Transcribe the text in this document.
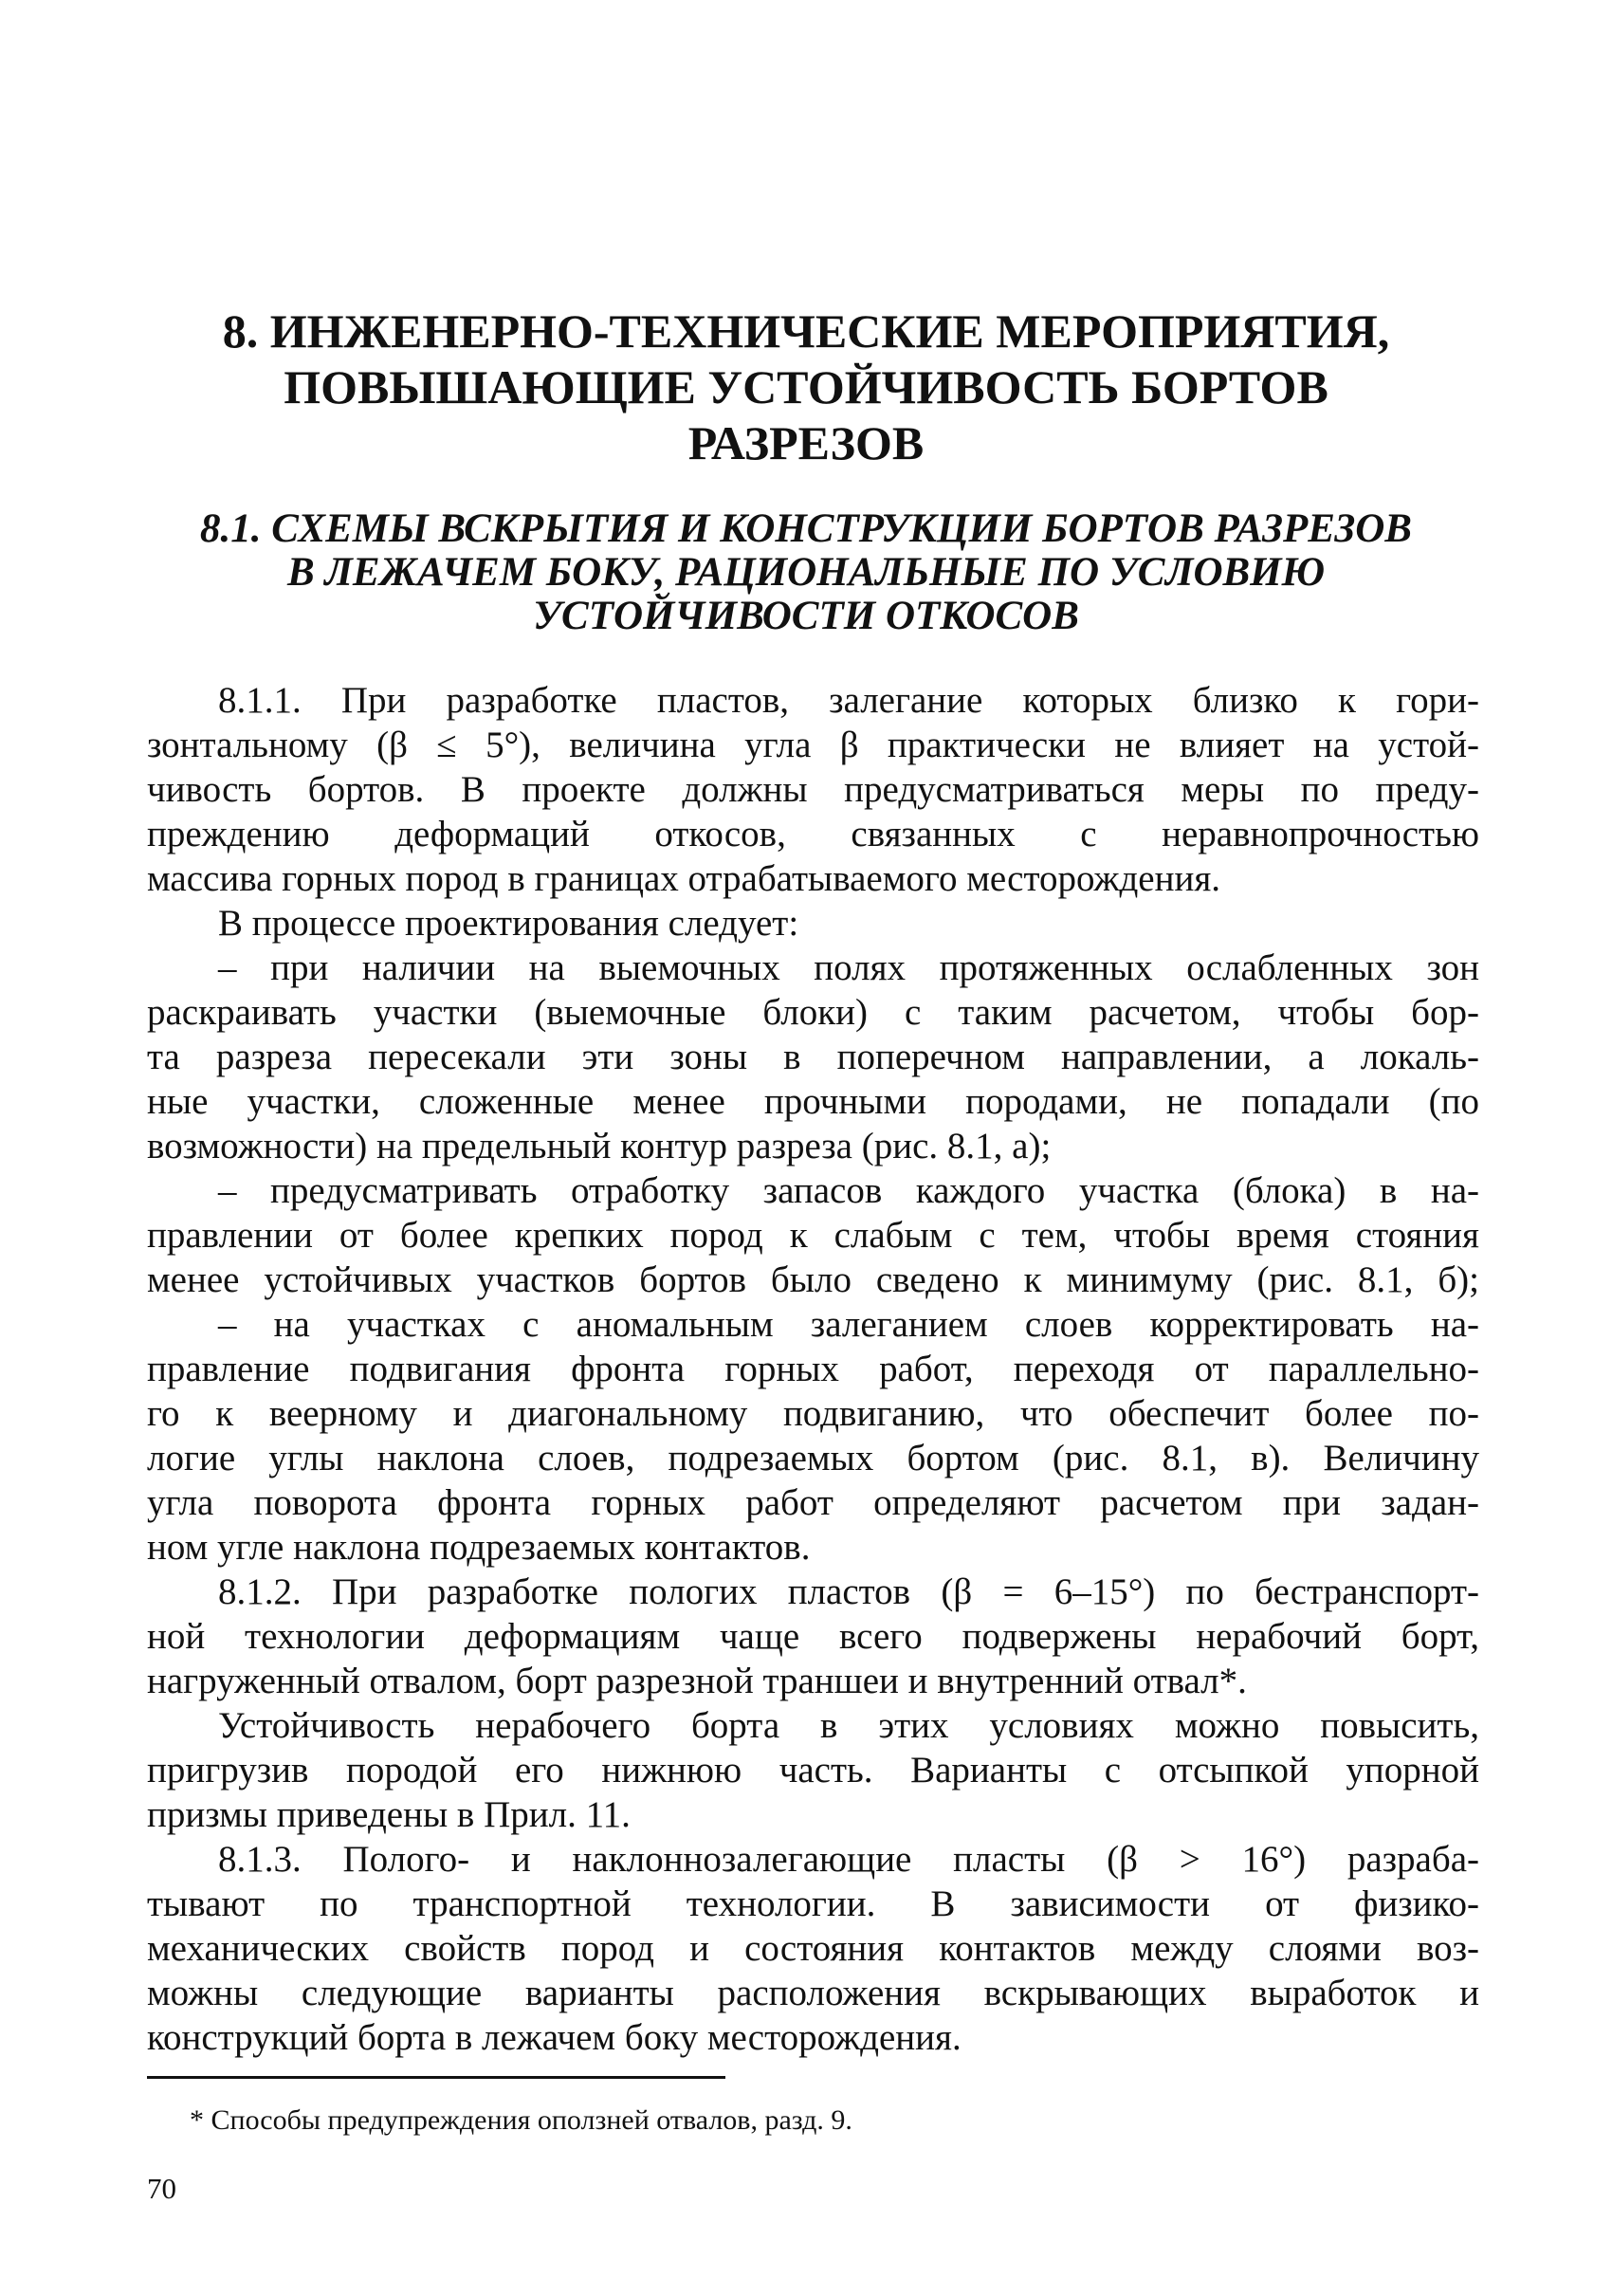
8. ИНЖЕНЕРНО-ТЕХНИЧЕСКИЕ МЕРОПРИЯТИЯ,
ПОВЫШАЮЩИЕ УСТОЙЧИВОСТЬ БОРТОВ
РАЗРЕЗОВ
8.1. СХЕМЫ ВСКРЫТИЯ И КОНСТРУКЦИИ БОРТОВ РАЗРЕЗОВ
В ЛЕЖАЧЕМ БОКУ, РАЦИОНАЛЬНЫЕ ПО УСЛОВИЮ
УСТОЙЧИВОСТИ ОТКОСОВ
8.1.1. При разработке пластов, залегание которых близко к гори-
зонтальному (β ≤ 5°), величина угла β практически не влияет на устой-
чивость бортов. В проекте должны предусматриваться меры по преду-
преждению деформаций откосов, связанных с неравнопрочностью
массива горных пород в границах отрабатываемого месторождения.
В процессе проектирования следует:
– при наличии на выемочных полях протяженных ослабленных зон
раскраивать участки (выемочные блоки) с таким расчетом, чтобы бор-
та разреза пересекали эти зоны в поперечном направлении, а локаль-
ные участки, сложенные менее прочными породами, не попадали (по
возможности) на предельный контур разреза (рис. 8.1, а);
– предусматривать отработку запасов каждого участка (блока) в на-
правлении от более крепких пород к слабым с тем, чтобы время стояния
менее устойчивых участков бортов было сведено к минимуму (рис. 8.1, б);
– на участках с аномальным залеганием слоев корректировать на-
правление подвигания фронта горных работ, переходя от параллельно-
го к веерному и диагональному подвиганию, что обеспечит более по-
логие углы наклона слоев, подрезаемых бортом (рис. 8.1, в). Величину
угла поворота фронта горных работ определяют расчетом при задан-
ном угле наклона подрезаемых контактов.
8.1.2. При разработке пологих пластов (β = 6–15°) по бестранспорт-
ной технологии деформациям чаще всего подвержены нерабочий борт,
нагруженный отвалом, борт разрезной траншеи и внутренний отвал*.
Устойчивость нерабочего борта в этих условиях можно повысить,
пригрузив породой его нижнюю часть. Варианты с отсыпкой упорной
призмы приведены в Прил. 11.
8.1.3. Полого- и наклоннозалегающие пласты (β > 16°) разраба-
тывают по транспортной технологии. В зависимости от физико-
механических свойств пород и состояния контактов между слоями воз-
можны следующие варианты расположения вскрывающих выработок и
конструкций борта в лежачем боку месторождения.
* Способы предупреждения оползней отвалов, разд. 9.
70
